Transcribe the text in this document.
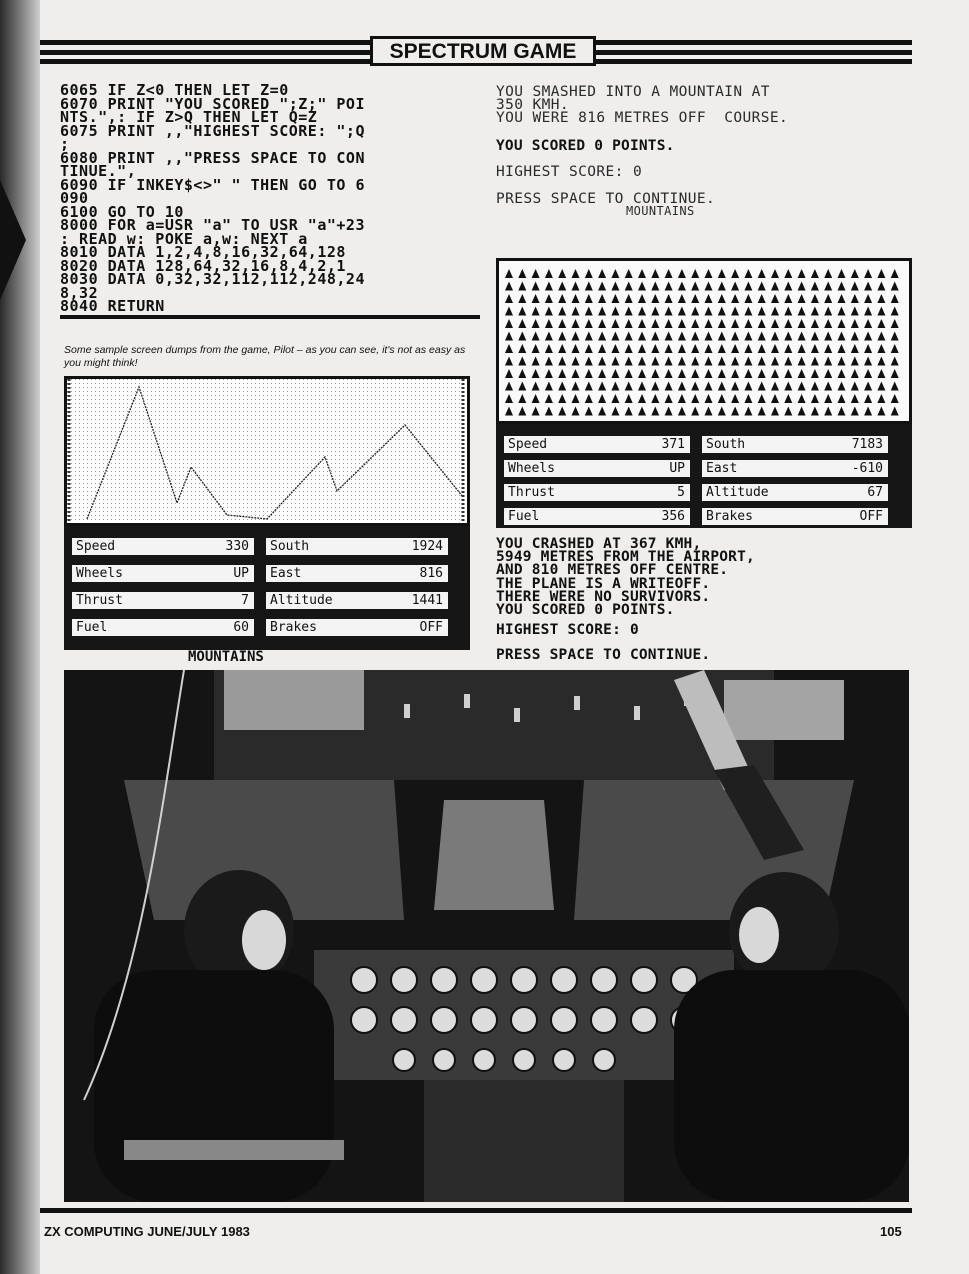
SPECTRUM GAME
6065 IF Z<0 THEN LET Z=0
6070 PRINT "YOU SCORED ";Z;" POI
NTS.",: IF Z>Q THEN LET Q=Z
6075 PRINT ,,"HIGHEST SCORE: ";Q
;
6080 PRINT ,,"PRESS SPACE TO CON
TINUE.",
6090 IF INKEY$<>" " THEN GO TO 6
090
6100 GO TO 10
8000 FOR a=USR "a" TO USR "a"+23
: READ w: POKE a,w: NEXT a
8010 DATA 1,2,4,8,16,32,64,128
8020 DATA 128,64,32,16,8,4,2,1
8030 DATA 0,32,32,112,112,248,24
8,32
8040 RETURN
Some sample screen dumps from the game, Pilot – as you can see, it's not as easy as you might think!
Speed	330 South	1924
Wheels	UP East	816
Thrust	7 Altitude	1441
Fuel	60 Brakes	OFF
MOUNTAINS
YOU SMASHED INTO A MOUNTAIN AT
350 KMH.
YOU WERE 816 METRES OFF  COURSE.
YOU SCORED 0 POINTS.
HIGHEST SCORE: 0
PRESS SPACE TO CONTINUE.
MOUNTAINS
Speed	371 South	7183
Wheels	UP East	-610
Thrust	5 Altitude	67
Fuel	356 Brakes	OFF
YOU CRASHED AT 367 KMH,
5949 METRES FROM THE AIRPORT,
AND 810 METRES OFF CENTRE.
THE PLANE IS A WRITEOFF.
THERE WERE NO SURVIVORS.
YOU SCORED 0 POINTS.
HIGHEST SCORE: 0
PRESS SPACE TO CONTINUE.
ZX COMPUTING JUNE/JULY 1983	105
